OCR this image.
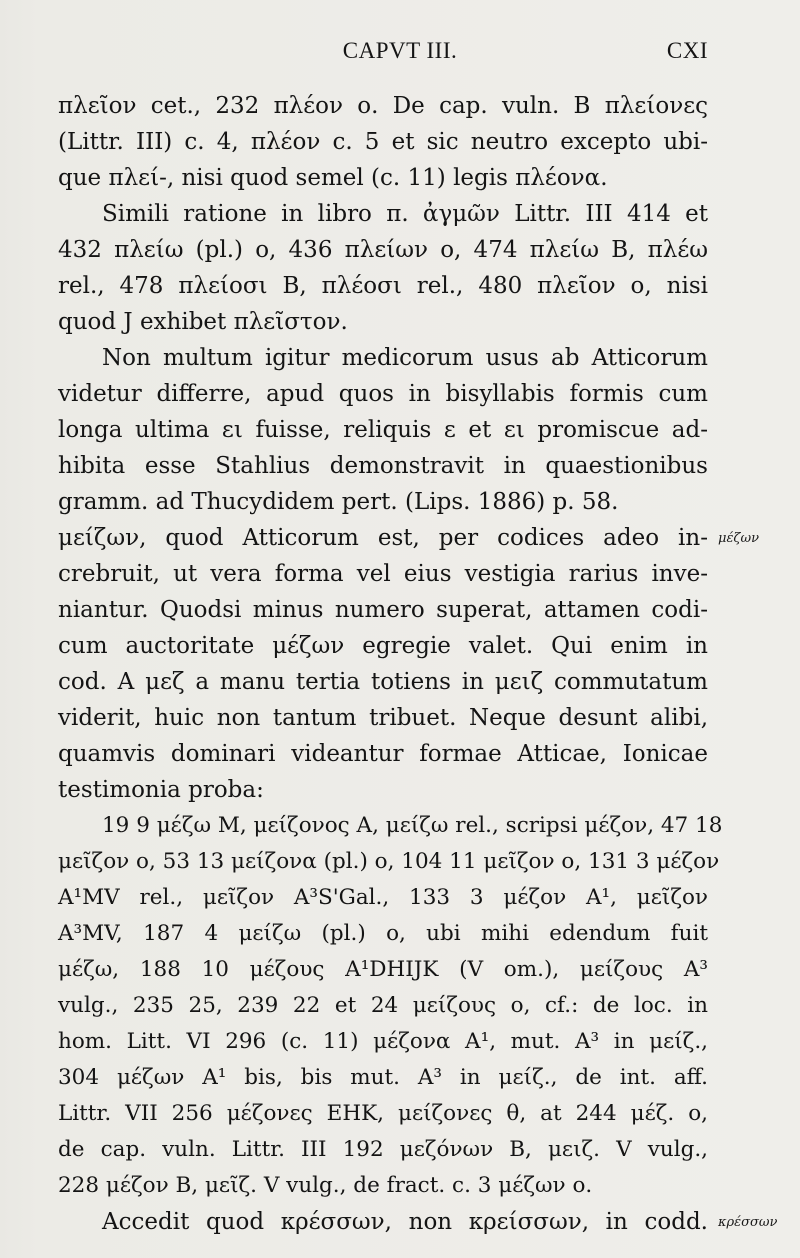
CAPVT III.	CXI
πλεῖον cet., 232 πλέον ο. De cap. vuln. B πλείονες
(Littr. III) c. 4, πλέον c. 5 et sic neutro excepto ubi-
que πλεί-, nisi quod semel (c. 11) legis πλέονα.
Simili ratione in libro π. ἀγμῶν Littr. III 414 et
432 πλείω (pl.) ο, 436 πλείων ο, 474 πλείω B, πλέω
rel., 478 πλείοσι B, πλέοσι rel., 480 πλεῖον ο, nisi
quod J exhibet πλεῖστον.
Non multum igitur medicorum usus ab Atticorum
videtur differre, apud quos in bisyllabis formis cum
longa ultima ει fuisse, reliquis ε et ει promiscue ad-
hibita esse Stahlius demonstravit in quaestionibus
gramm. ad Thucydidem pert. (Lips. 1886) p. 58.
μείζων, quod Atticorum est, per codices adeo in-
crebruit, ut vera forma vel eius vestigia rarius inve-
niantur. Quodsi minus numero superat, attamen codi-
cum auctoritate μέζων egregie valet. Qui enim in
cod. A μεζ a manu tertia totiens in μειζ commutatum
viderit, huic non tantum tribuet. Neque desunt alibi,
quamvis dominari videantur formae Atticae, Ionicae
testimonia proba:
19 9 μέζω M, μείζονος A, μείζω rel., scripsi μέζον, 47 18
μεῖζον ο, 53 13 μείζονα (pl.) ο, 104 11 μεῖζον ο, 131 3 μέζον
A¹MV rel., μεῖζον A³S'Gal., 133 3 μέζον A¹, μεῖζον
A³MV, 187 4 μείζω (pl.) ο, ubi mihi edendum fuit
μέζω, 188 10 μέζους A¹DHIJK (V om.), μείζους A³
vulg., 235 25, 239 22 et 24 μείζους ο, cf.: de loc. in
hom. Litt. VI 296 (c. 11) μέζονα A¹, mut. A³ in μείζ.,
304 μέζων A¹ bis, bis mut. A³ in μείζ., de int. aff.
Littr. VII 256 μέζονες EHK, μείζονες θ, at 244 μέζ. ο,
de cap. vuln. Littr. III 192 μεζόνων B, μειζ. V vulg.,
228 μέζον B, μεῖζ. V vulg., de fract. c. 3 μέζων ο.
Accedit quod κρέσσων, non κρείσσων, in codd.
μέζων
κρέσσων
